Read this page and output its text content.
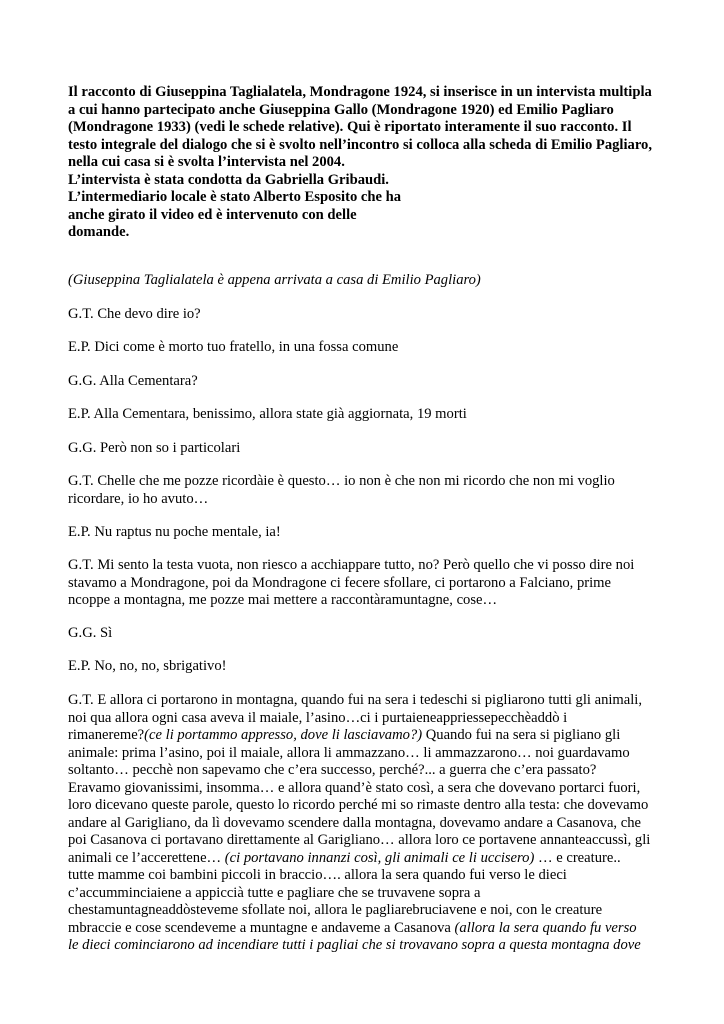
Il racconto di Giuseppina Taglialatela, Mondragone 1924, si inserisce in un intervista multipla
a cui hanno partecipato anche Giuseppina Gallo (Mondragone 1920) ed Emilio Pagliaro
(Mondragone 1933) (vedi le schede relative). Qui è riportato interamente il suo racconto. Il
testo integrale del dialogo che si è svolto nell’incontro si colloca alla scheda di Emilio Pagliaro,
nella cui casa si è svolta l’intervista nel 2004.
L’intervista è stata condotta da Gabriella Gribaudi.
L’intermediario locale è stato Alberto Esposito che ha
anche girato il video ed è intervenuto con delle
domande.

(Giuseppina Taglialatela è appena arrivata a casa di Emilio Pagliaro)

G.T. Che devo dire io?

E.P. Dici come è morto tuo fratello, in una fossa comune

G.G. Alla Cementara?

E.P. Alla Cementara, benissimo, allora state già aggiornata, 19 morti

G.G. Però non so i particolari

G.T. Chelle che me pozze ricordàie è questo… io non è che non mi ricordo che non mi voglio
ricordare, io ho avuto…

E.P. Nu raptus nu poche mentale, ia!

G.T. Mi sento la testa vuota, non riesco a acchiappare tutto, no? Però quello che vi posso dire noi
stavamo a Mondragone, poi da Mondragone ci fecere sfollare, ci portarono a Falciano, prime
ncoppe a montagna, me pozze mai mettere a raccontàramuntagne, cose…

G.G. Sì

E.P. No, no, no, sbrigativo!

G.T. E allora ci portarono in montagna, quando fui na sera i tedeschi si pigliarono tutti gli animali,
noi qua allora ogni casa aveva il maiale, l’asino…ci i purtaieneappriessepecchèaddò i
rimanereme?(ce li portammo appresso, dove li lasciavamo?) Quando fui na sera si pigliano gli
animale: prima l’asino, poi il maiale, allora li ammazzano… li ammazzarono… noi guardavamo
soltanto… pecchè non sapevamo che c’era successo, perché?... a guerra che c’era passato?
Eravamo giovanissimi, insomma… e allora quand’è stato così, a sera che dovevano portarci fuori,
loro dicevano queste parole, questo lo ricordo perché mi so rimaste dentro alla testa: che dovevamo
andare al Garigliano, da lì dovevamo scendere dalla montagna, dovevamo andare a Casanova, che
poi Casanova ci portavano direttamente al Garigliano… allora loro ce portavene annanteaccussì, gli
animali ce l’accerettene… (ci portavano innanzi così, gli animali ce li uccisero) … e creature..
tutte mamme coi bambini piccoli in braccio…. allora la sera quando fui verso le dieci
c’accumminciaiene a appiccià tutte e pagliare che se truvavene sopra a
chestamuntagneaddòsteveme sfollate noi, allora le pagliarebruciavene e noi, con le creature
mbraccie e cose scendeveme a muntagne e andaveme a Casanova (allora la sera quando fu verso
le dieci cominciarono ad incendiare tutti i pagliai che si trovavano sopra a questa montagna dove
